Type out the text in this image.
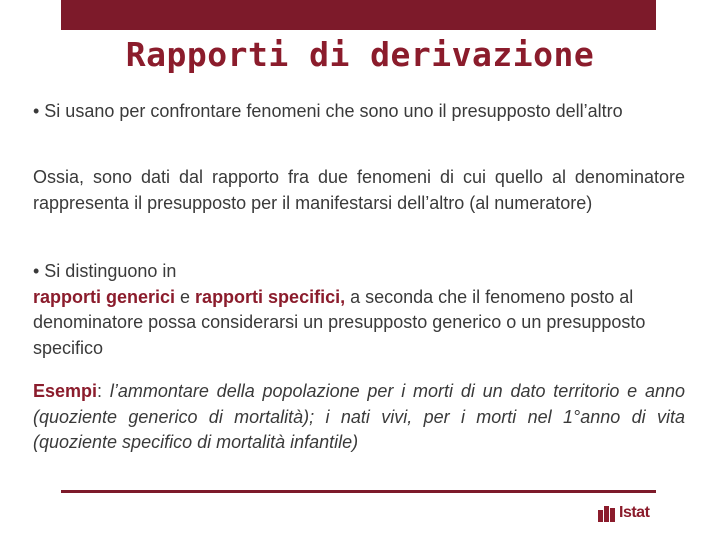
Rapporti di derivazione
• Si usano per confrontare fenomeni che sono uno il presupposto dell’altro
Ossia, sono dati dal rapporto fra due fenomeni di cui quello al denominatore rappresenta il presupposto per il manifestarsi dell’altro (al numeratore)
• Si distinguono in
rapporti generici e rapporti specifici, a seconda che il fenomeno posto al denominatore possa considerarsi un presupposto generico o un presupposto specifico
Esempi: l’ammontare della popolazione per i morti di un dato territorio e anno (quoziente generico di mortalità); i nati vivi, per i morti nel 1°anno di vita (quoziente specifico di mortalità infantile)
Istat
